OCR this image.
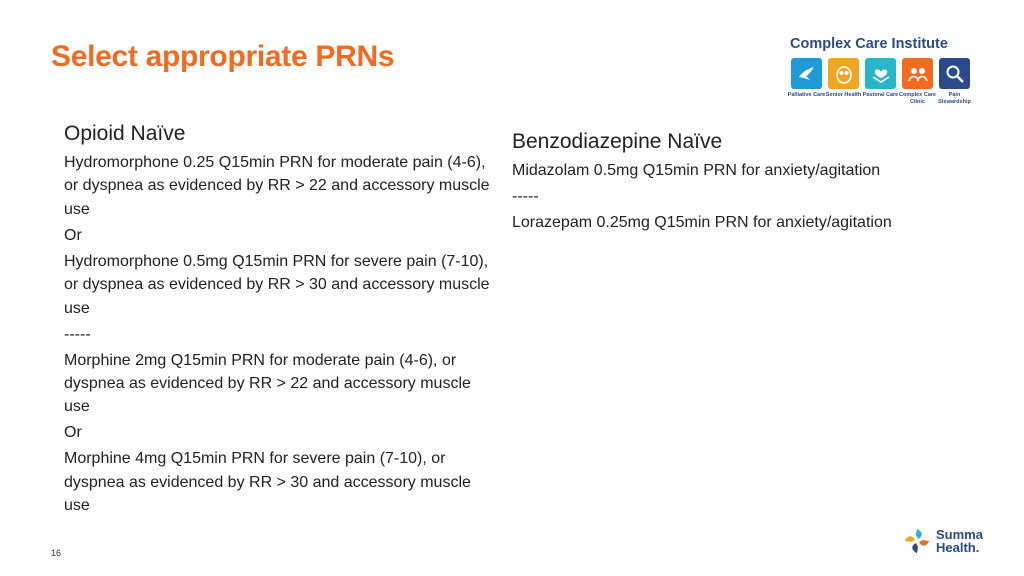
Select appropriate PRNs	Complex Care Institute
Palliative Care Senior Health Pastoral Care Complex Care Clinic
Pain Stewardship
Opioid Naïve
Hydromorphone 0.25 Q15min PRN for moderate pain (4-6), or dyspnea as evidenced by RR > 22 and accessory muscle use
Or
Hydromorphone 0.5mg Q15min PRN for severe pain (7-10), or dyspnea as evidenced by RR > 30 and accessory muscle use
-----
Morphine 2mg Q15min PRN for moderate pain (4-6), or dyspnea as evidenced by RR > 22 and accessory muscle use
Or
Morphine 4mg Q15min PRN for severe pain (7-10), or dyspnea as evidenced by RR > 30 and accessory muscle use
Benzodiazepine Naïve
Midazolam 0.5mg Q15min PRN for anxiety/agitation
-----
Lorazepam 0.25mg Q15min PRN for anxiety/agitation
16
Summa
Health.
